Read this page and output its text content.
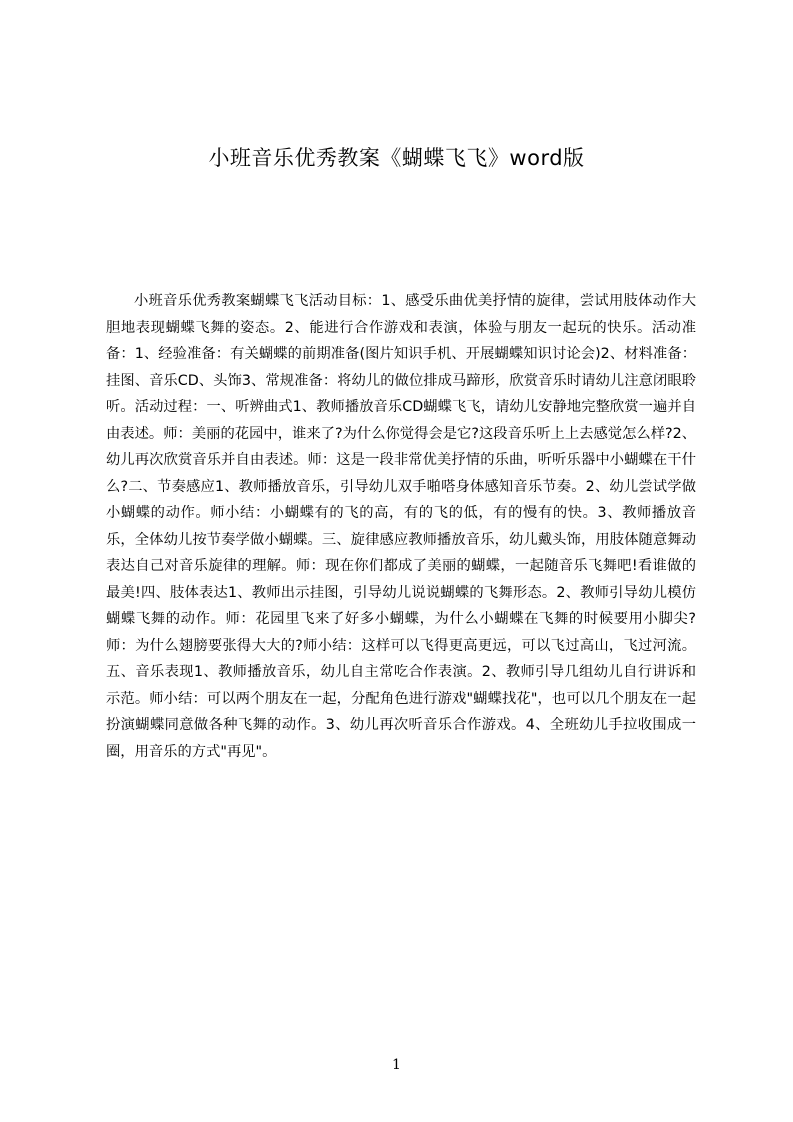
小班音乐优秀教案《蝴蝶飞飞》word版

小班音乐优秀教案蝴蝶飞飞活动目标：1、感受乐曲优美抒情的旋律，尝试用肢体动作大胆地表现蝴蝶飞舞的姿态。2、能进行合作游戏和表演，体验与朋友一起玩的快乐。活动准备：1、经验准备：有关蝴蝶的前期准备(图片知识手机、开展蝴蝶知识讨论会)2、材料准备：挂图、音乐CD、头饰3、常规准备：将幼儿的做位排成马蹄形，欣赏音乐时请幼儿注意闭眼聆听。活动过程：一、听辨曲式1、教师播放音乐CD蝴蝶飞飞，请幼儿安静地完整欣赏一遍并自由表述。师：美丽的花园中，谁来了?为什么你觉得会是它?这段音乐听上上去感觉怎么样?2、幼儿再次欣赏音乐并自由表述。师：这是一段非常优美抒情的乐曲，听听乐器中小蝴蝶在干什么?二、节奏感应1、教师播放音乐，引导幼儿双手啪嗒身体感知音乐节奏。2、幼儿尝试学做小蝴蝶的动作。师小结：小蝴蝶有的飞的高，有的飞的低，有的慢有的快。3、教师播放音乐，全体幼儿按节奏学做小蝴蝶。三、旋律感应教师播放音乐，幼儿戴头饰，用肢体随意舞动表达自己对音乐旋律的理解。师：现在你们都成了美丽的蝴蝶，一起随音乐飞舞吧!看谁做的最美!四、肢体表达1、教师出示挂图，引导幼儿说说蝴蝶的飞舞形态。2、教师引导幼儿模仿蝴蝶飞舞的动作。师：花园里飞来了好多小蝴蝶，为什么小蝴蝶在飞舞的时候要用小脚尖?师：为什么翅膀要张得大大的?师小结：这样可以飞得更高更远，可以飞过高山，飞过河流。五、音乐表现1、教师播放音乐，幼儿自主常吃合作表演。2、教师引导几组幼儿自行讲诉和示范。师小结：可以两个朋友在一起，分配角色进行游戏"蝴蝶找花"，也可以几个朋友在一起扮演蝴蝶同意做各种飞舞的动作。3、幼儿再次听音乐合作游戏。4、全班幼儿手拉收围成一圈，用音乐的方式"再见"。

1
